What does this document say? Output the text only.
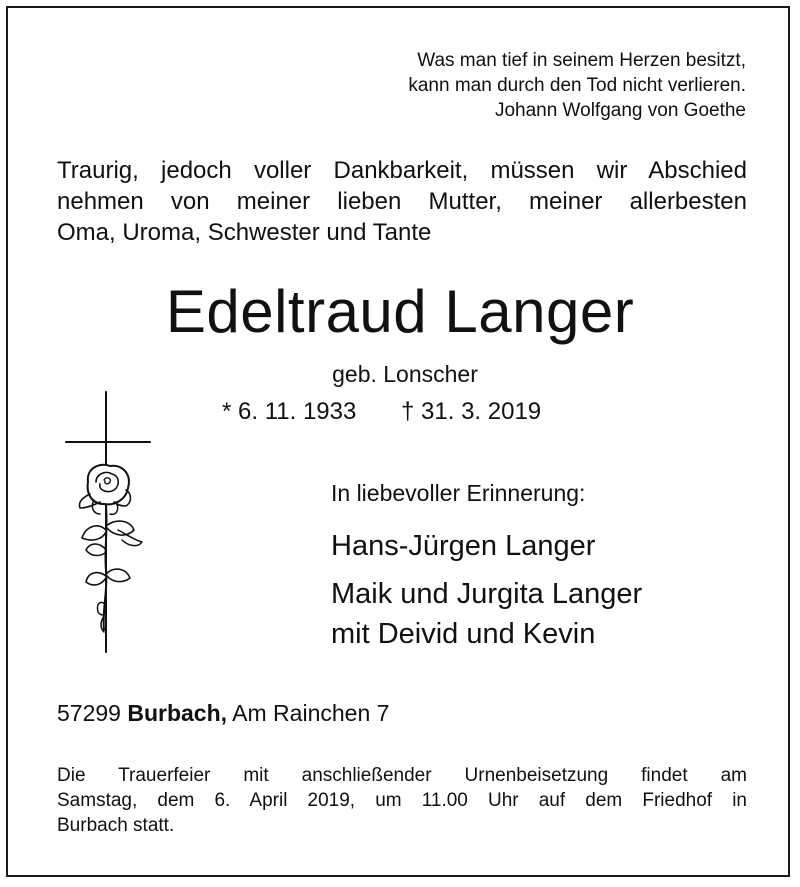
Was man tief in seinem Herzen besitzt,
kann man durch den Tod nicht verlieren.
Johann Wolfgang von Goethe
Traurig, jedoch voller Dankbarkeit, müssen wir Abschied
nehmen von meiner lieben Mutter, meiner allerbesten
Oma, Uroma, Schwester und Tante
Edeltraud Langer
geb. Lonscher
* 6. 11. 1933 † 31. 3. 2019
In liebevoller Erinnerung:
Hans-Jürgen Langer
Maik und Jurgita Langer
mit Deivid und Kevin
57299 Burbach, Am Rainchen 7
Die Trauerfeier mit anschließender Urnenbeisetzung findet am
Samstag, dem 6. April 2019, um 11.00 Uhr auf dem Friedhof in
Burbach statt.
